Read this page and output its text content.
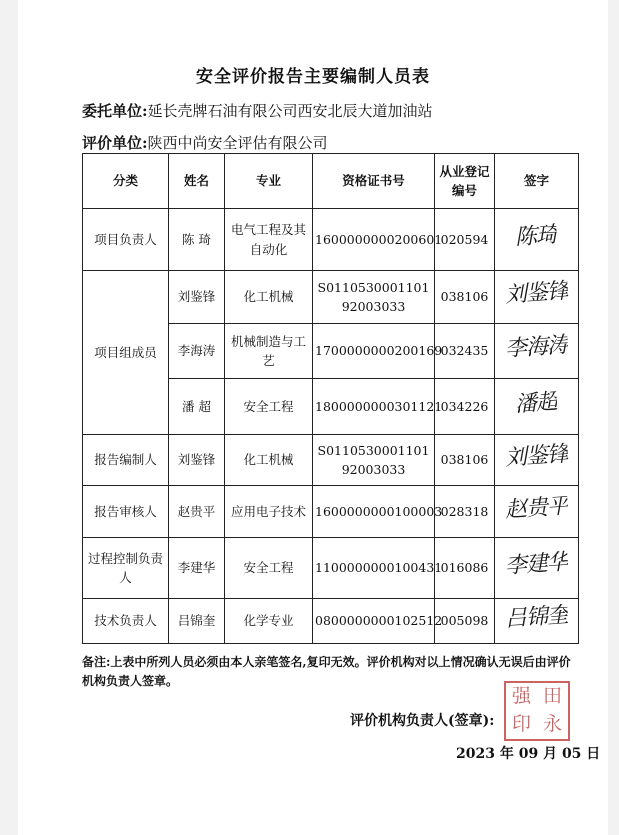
安全评价报告主要编制人员表
委托单位:延长壳牌石油有限公司西安北辰大道加油站
评价单位:陕西中尚安全评估有限公司
分类	姓名	专业	资格证书号	从业登记编号	签字
项目负责人	陈 琦	电气工程及其自动化	1600000000200601	020594	陈琦
项目组成员	刘鉴锋	化工机械	S011053000110192003033	038106	刘鉴锋
	李海涛	机械制造与工艺	1700000000200169	032435	李海涛
	潘 超	安全工程	1800000000301121	034226	潘超
报告编制人	刘鉴锋	化工机械	S011053000110192003033	038106	刘鉴锋
报告审核人	赵贵平	应用电子技术	1600000000100003	028318	赵贵平
过程控制负责人	李建华	安全工程	1100000000100431	016086	李建华
技术负责人	吕锦奎	化学专业	0800000000102512	005098	吕锦奎
备注:上表中所列人员必须由本人亲笔签名,复印无效。评价机构对以上情况确认无误后由评价机构负责人签章。
评价机构负责人(签章):
强 田
印 永
2023 年 09 月 05 日
